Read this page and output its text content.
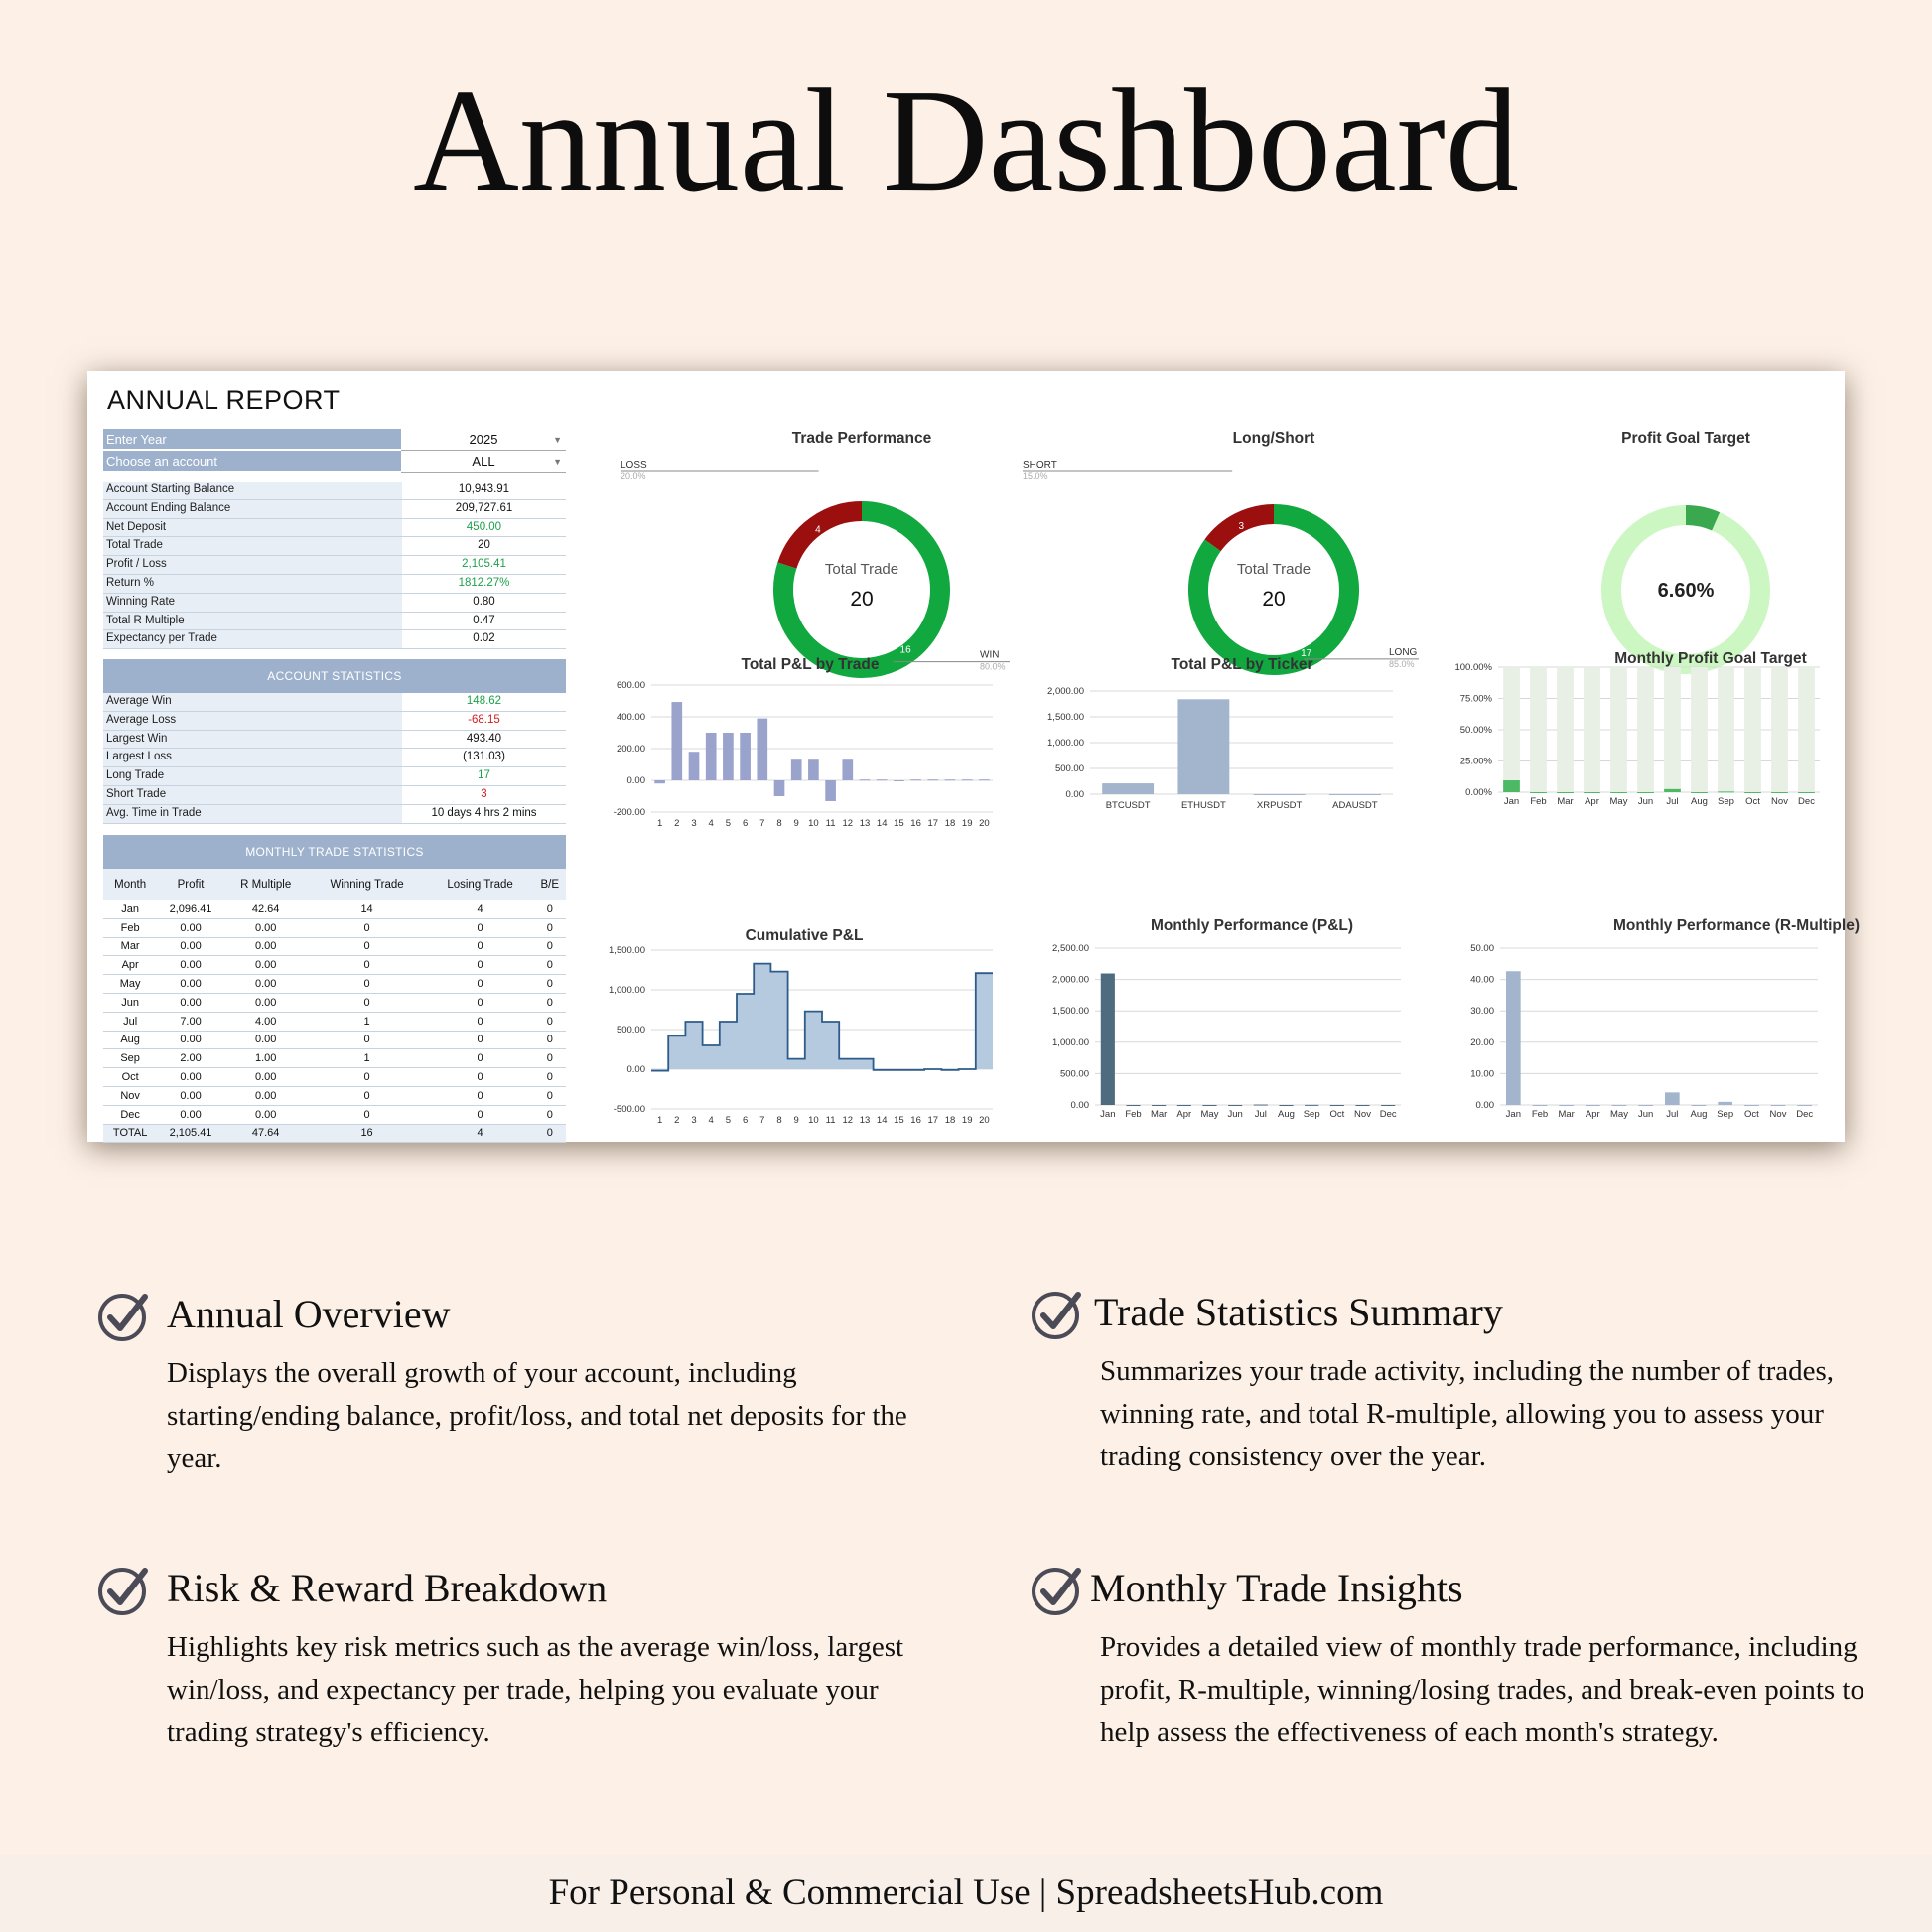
Annual Dashboard
ANNUAL REPORT
Enter Year	2025	▼
Choose an account	ALL	▼
Account Starting Balance	10,943.91
Account Ending Balance	209,727.61
Net Deposit	450.00
Total Trade	20
Profit / Loss	2,105.41
Return %	1812.27%
Winning Rate	0.80
Total R Multiple	0.47
Expectancy per Trade	0.02
ACCOUNT STATISTICS
Average Win	148.62
Average Loss	-68.15
Largest Win	493.40
Largest Loss	(131.03)
Long Trade	17
Short Trade	3
Avg. Time in Trade	10 days 4 hrs 2 mins
MONTHLY TRADE STATISTICS
Month	Profit	R Multiple	Winning Trade	Losing Trade	B/E
Jan	2,096.41	42.64	14	4	0
Feb	0.00	0.00	0	0	0
Mar	0.00	0.00	0	0	0
Apr	0.00	0.00	0	0	0
May	0.00	0.00	0	0	0
Jun	0.00	0.00	0	0	0
Jul	7.00	4.00	1	0	0
Aug	0.00	0.00	0	0	0
Sep	2.00	1.00	1	0	0
Oct	0.00	0.00	0	0	0
Nov	0.00	0.00	0	0	0
Dec	0.00	0.00	0	0	0
TOTAL	2,105.41	47.64	16	4	0
Trade Performance
4
16
LOSS
20.0%
WIN
80.0%
Total Trade
20
Long/Short
3
17
SHORT
15.0%
LONG
85.0%
Total Trade
20
Profit Goal Target
6.60%
Total P&L by Trade
-200.00
0.00
200.00
400.00
600.00
1 2 3 4 5 6 7 8 9 10 11 12 13 14 15 16 17 18 19 20
Total P&L by Ticker
0.00
500.00
1,000.00
1,500.00
2,000.00
BTCUSDT	ETHUSDT	XRPUSDT	ADAUSDT
Monthly Profit Goal Target
0.00%
25.00%
50.00%
75.00%
100.00%
Jan Feb Mar Apr May Jun Jul Aug Sep Oct Nov Dec
Cumulative P&L
-500.00
0.00
500.00
1,000.00
1,500.00
1 2 3 4 5 6 7 8 9 10 11 12 13 14 15 16 17 18 19 20
Monthly Performance (P&L)
0.00
500.00
1,000.00
1,500.00
2,000.00
2,500.00
Jan Feb Mar Apr May Jun Jul Aug Sep Oct Nov Dec
Monthly Performance (R-Multiple)
0.00
10.00
20.00
30.00
40.00
50.00
Jan Feb Mar Apr May Jun Jul Aug Sep Oct Nov Dec
Annual Overview
Displays the overall growth of your account, including starting/ending balance, profit/loss, and total net deposits for the year.
Trade Statistics Summary
Summarizes your trade activity, including the number of trades, winning rate, and total R-multiple, allowing you to assess your trading consistency over the year.
Risk & Reward Breakdown
Highlights key risk metrics such as the average win/loss, largest win/loss, and expectancy per trade, helping you evaluate your trading strategy's efficiency.
Monthly Trade Insights
Provides a detailed view of monthly trade performance, including profit, R-multiple, winning/losing trades, and break-even points to help assess the effectiveness of each month's strategy.
For Personal & Commercial Use | SpreadsheetsHub.com
